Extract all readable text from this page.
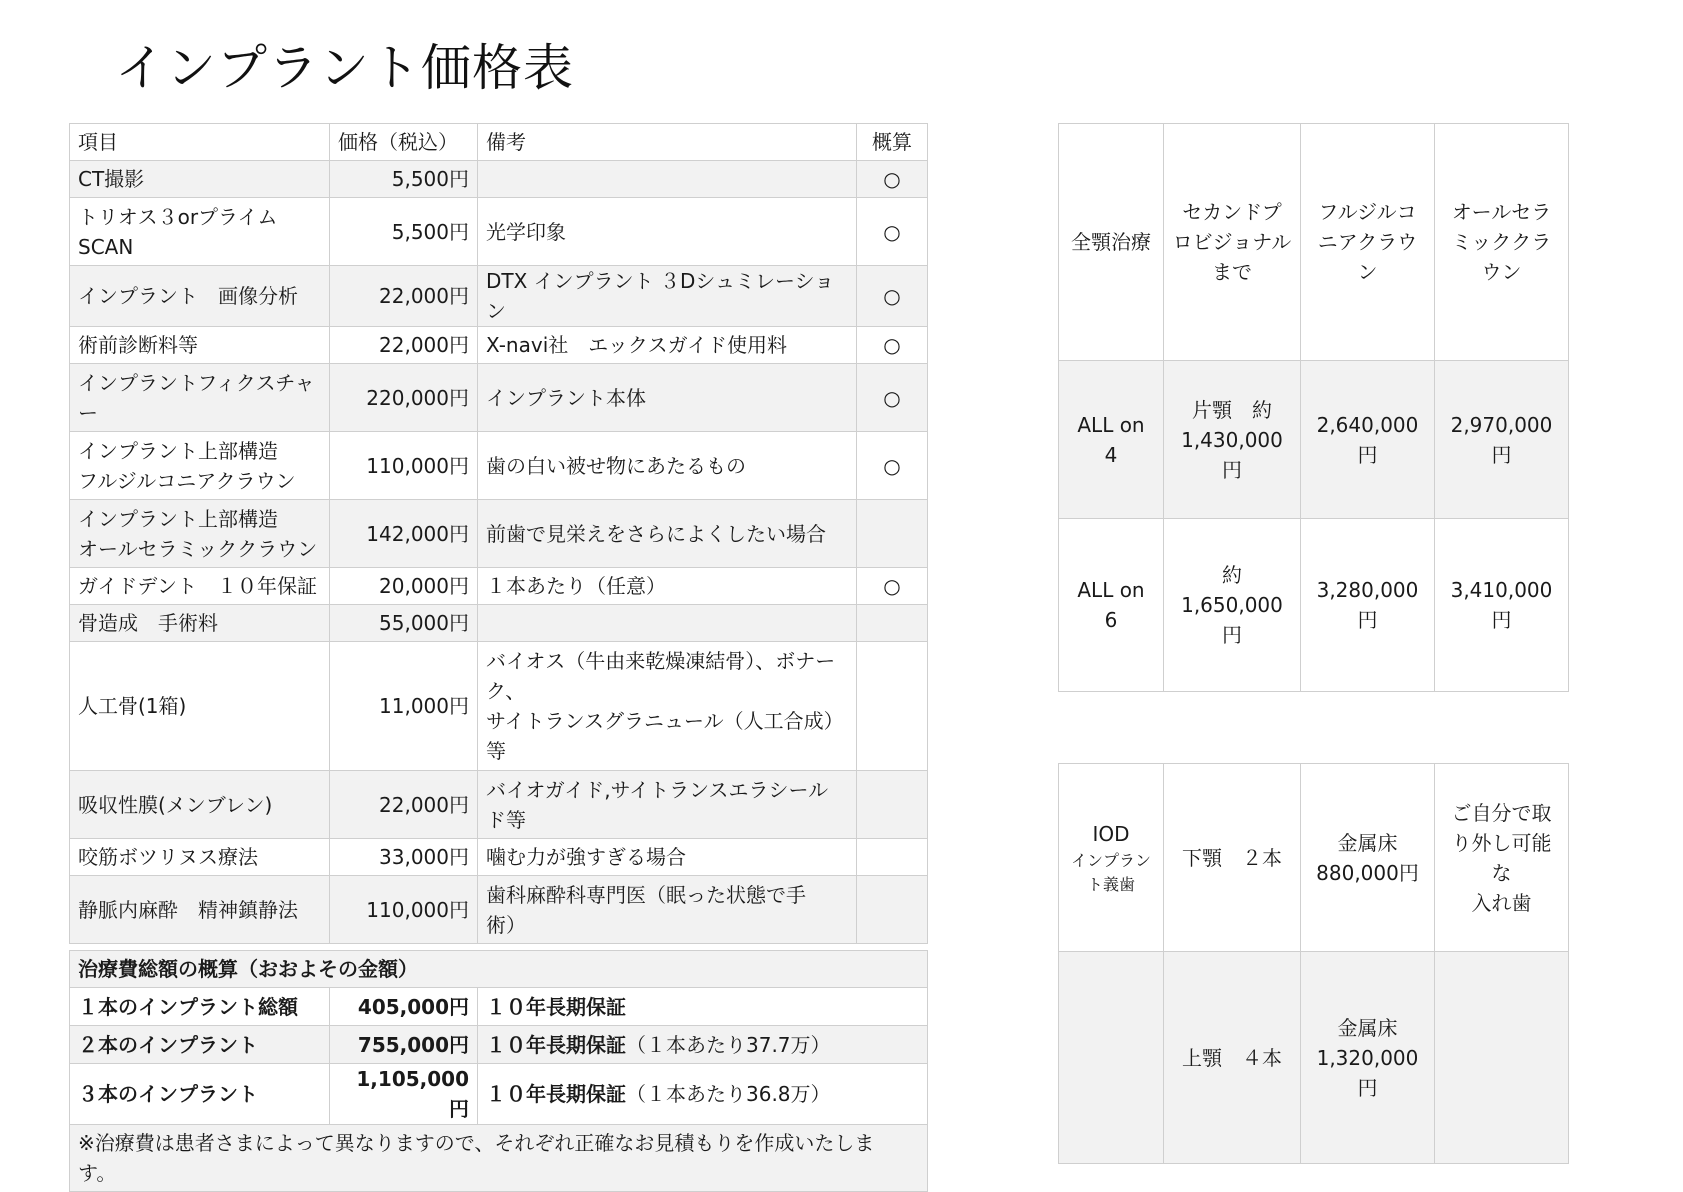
インプラント価格表
項目	価格（税込）	備考	概算

CT撮影	5,500円		○

トリオス３orプライム
SCAN	5,500円	光学印象	○

インプラント　画像分析	22,000円	DTX インプラント ３Dシュミレーション	○

術前診断料等	22,000円	X-navi社　エックスガイド使用料	○

インプラントフィクスチャ
ー	220,000円	インプラント本体	○

インプラント上部構造
フルジルコニアクラウン	110,000円	歯の白い被せ物にあたるもの	○

インプラント上部構造
オールセラミッククラウン	142,000円	前歯で見栄えをさらによくしたい場合	

ガイドデント　１０年保証	20,000円	１本あたり（任意）	○

骨造成　手術料	55,000円		

人工骨(1箱)	11,000円	バイオス（牛由来乾燥凍結骨）、ボナー
ク、
サイトランスグラニュール（人工合成）
等	

吸収性膜(メンブレン)	22,000円	バイオガイド,サイトランスエラシール
ド等	

咬筋ボツリヌス療法	33,000円	噛む力が強すぎる場合	

静脈内麻酔　精神鎮静法	110,000円	歯科麻酔科専門医（眠った状態で手
術）	

治療費総額の概算（おおよその金額）		

１本のインプラント総額	405,000円	１０年長期保証

２本のインプラント	755,000円	１０年長期保証（１本あたり37.7万）

３本のインプラント	1,105,000円	１０年長期保証（１本あたり36.8万）

※治療費は患者さまによって異なりますので、それぞれ正確なお見積もりを作成いたしま
す。		
全顎治療	セカンドプ
ロビジョナル
まで	フルジルコ
ニアクラウ
ン	オールセラ
ミッククラ
ウン

ALL on
4	片顎　約
1,430,000
円	2,640,000
円	2,970,000
円

ALL on
6	約
1,650,000
円	3,280,000
円	3,410,000
円
IOD
インプラン
ト義歯	下顎　２本	金属床
880,000円	ご自分で取
り外し可能
な
入れ歯

	上顎　４本	金属床
1,320,000
円	
